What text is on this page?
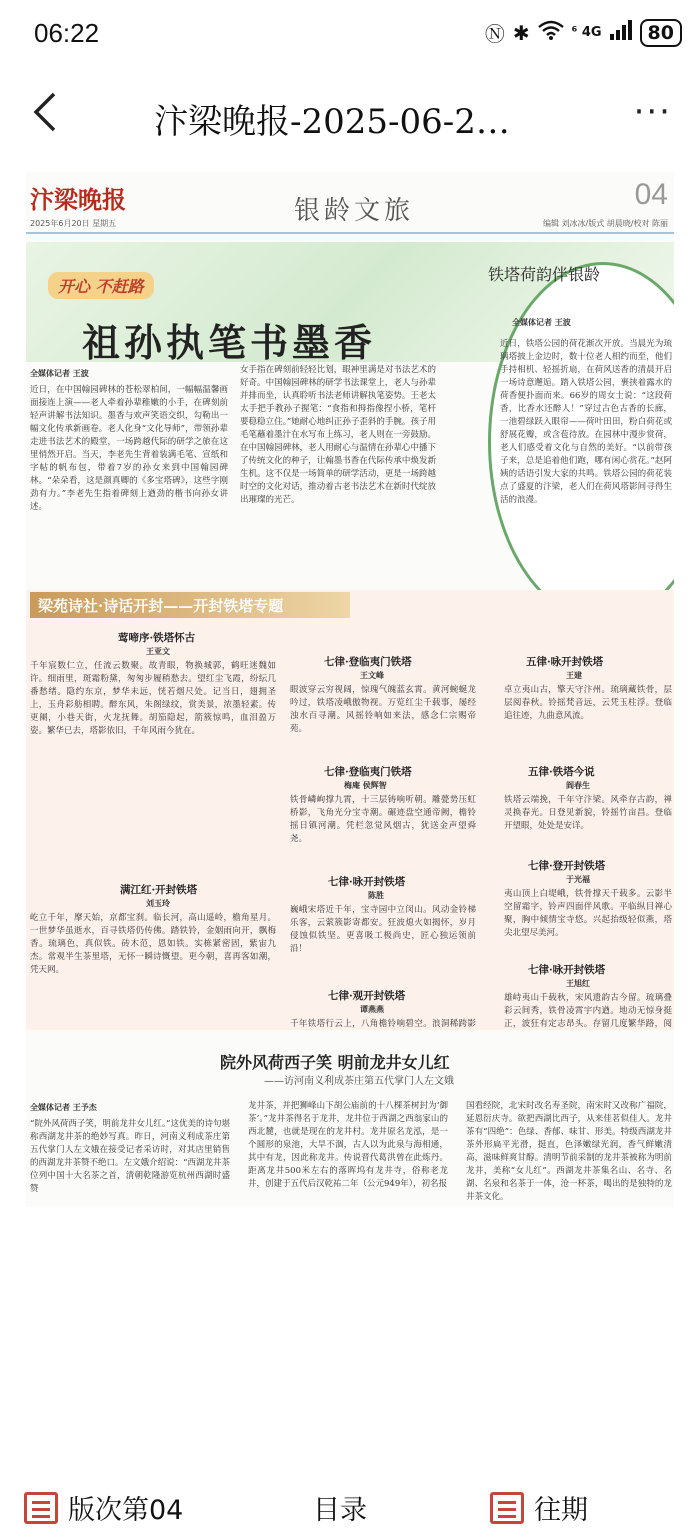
06:22	Ⓝ ✱	⁶ 4G	80
汴梁晚报-2025-06-2…	···
汴梁晚报
2025年6月20日 星期五	银龄文旅	04
编辑 刘冰冰/版式 胡晨晓/校对 陈丽
开心 不赶路
祖孙执笔书墨香
铁塔荷韵伴银龄
全媒体记者 王波
近日，铁塔公园的荷花渐次开放。当晨光为琉璃塔披上金边时，数十位老人相约而至，他们手持相机、轻摇折扇，在荷风送香的清晨开启一场诗意邂逅。踏入铁塔公园，裹挟着露水的荷香便扑面而来。66岁的周女士说：“这段荷香，比香水还醉人！”穿过古色古香的长廊，一池碧绿跃入眼帘——荷叶田田，粉白荷花或舒展花瓣，或含苞待放。在园林中漫步赏荷，老人们感受着文化与自然的美好。“以前带孩子来，总是追着他们跑，哪有闲心赏花。”赵阿姨的话语引发大家的共鸣。铁塔公园的荷花装点了盛夏的汴梁，老人们在荷风塔影间寻得生活的浪漫。
全媒体记者 王波
近日，在中国翰园碑林的苍松翠柏间，一幅幅温馨画面接连上演——老人牵着孙辈稚嫩的小手，在碑刻前轻声讲解书法知识。墨香与欢声笑语交织，勾勒出一幅文化传承新画卷。老人化身“文化导师”，带领孙辈走进书法艺术的殿堂，一场跨越代际的研学之旅在这里悄然开启。当天，李老先生背着装满毛笔、宣纸和字帖的帆布包，带着7岁的孙女来到中国翰园碑林。“朵朵看，这是颜真卿的《多宝塔碑》，这些字刚劲有力。”李老先生指着碑刻上遒劲的楷书向孙女讲述。
女手指在碑刻前轻轻比划，眼神里满是对书法艺术的好奇。中国翰园碑林的研学书法课堂上，老人与孙辈并排而坐，认真聆听书法老师讲解执笔姿势。王老太太手把手教孙子握笔：“食指和拇指像捏小桥，笔杆要稳稳立住。”她耐心地纠正孙子歪斜的手腕。孩子用毛笔蘸着墨汁在水写布上练习，老人则在一旁鼓励。在中国翰园碑林，老人用耐心与温情在孙辈心中播下了传统文化的种子，让翰墨书香在代际传承中焕发新生机。这不仅是一场简单的研学活动，更是一场跨越时空的文化对话，推动着古老书法艺术在新时代绽放出璀璨的光芒。
梁苑诗社·诗话开封——开封铁塔专题
莺啼序·铁塔怀古
王亚文
千年宸数仁立，任流云数聚。故青眼，物换城郭，鹤旺迷魏如许。细雨里，斑霜粉黛，匆匆步履稍愁去。望红尘飞霞，纷纭几番愁绪。隐约东京，梦华未远，恍若烟尺处。记当日，翅拥圣上，玉舟彩舫相聘。醉东风，朱阁绿纹，赏美景，浓墨轻素。传更阑，小巷天街，火龙抚舞。胡笳隐起，箭簇惊鸣，血泪盈万姿。繁华已去，塔影依旧，千年风雨今犹在。
满江红·开封铁塔
刘玉玲
屹立千年，摩天始，京都宝刹。临长河，高山遥岭，檐角星月。一世梦华虽逝水，百寻铁塔仍传佛。踏铁铃，金姻雨向开，飘梅香。琉璃色，真似铁。砖木范，恩如铁。实栋紧密固，紫宙九杰。常观半生茶里塔，无怀一瞬诗慨望。更今朝，喜再客如潮，凭天网。
七律·登临夷门铁塔
王文峰
眼波穿云穷视阔，惊瑰气魄蓝玄霄。黄河蜿蜒龙吟过，铁塔凌峨傲物视。万览红尘千载事，屡经浊水百寻潮。风摇铃响如来法，感念仁宗赐帝苑。
七律·登临夷门铁塔
梅庵 侯辉智
铁骨嶙峋撑九霄，十三层铸响听朝。雕甍势压虹桥影，飞角光分宝寺潮。碾迹盘空通帝阙，檐铃摇日镇河潮。凭栏忽觉风烟古，犹送金声望舜尧。
七律·咏开封铁塔
陈胜
巍峨宋塔近千年，宝寺园中立闵山。风动金铃梯乐客，云萦簇影寄都安。狂波熄火如揭怀，岁月侵蚀似铁坚。更喜吸工极尚史，匠心独运领前沿！
七律·观开封铁塔
谭燕燕
千年铁塔行云上，八角檐铃响碧空。浪洞稀跨影
五律·咏开封铁塔
王建
卓立夷山古，擎天守汴州。琉璃藏铁骨，层层阅春秋。铃摇梵音远，云凭玉柱浮。登临追往迹，九曲意风流。
五律·铁塔今说
阎春生
铁塔云端挽，千年守汴梁。风牵存古韵，禅灵换春光。日登见新貌，铃摇竹亩昌。登临开望眼，处处是安详。
七律·登开封铁塔
于光福
夷山顶上白堤峨，铁骨撑天千载多。云影半空留霜字，铃声四面伴风歌。平临纵目禅心聚，胸中倾情宝寺悠。兴起抬级轻似燕，塔尖北望尽美河。
七律·咏开封铁塔
王旭红
雄峙夷山千载秋，宋风遗韵古今留。琉璃叠彩云间秀，铁骨凌霄宇内遒。地动无惊身挺正，波狂有定志昂头。存留几度繁华路，阅
院外风荷西子笑 明前龙井女儿红
——访河南义利成茶庄第五代掌门人左文娥
全媒体记者 王予杰
“院外风荷西子笑，明前龙井女儿红。”这优美的诗句堪称西湖龙井茶的绝妙写真。昨日，河南义利成茶庄第五代掌门人左文娥在接受记者采访时，对其店里销售的西湖龙井茶赞不绝口。左文娥介绍说：“西湖龙井茶位列中国十大名茶之首，清朝乾隆游览杭州西湖时盛赞
龙井茶，并把狮峰山下胡公庙前的十八棵茶树封为‘御茶’。”龙井茶得名于龙井，龙井位于西湖之西翁家山的西北麓，也就是现在的龙井村。龙井原名龙泓，是一个圆形的泉池，大旱不涸，古人以为此泉与海相通，其中有龙，因此称龙井。传说晋代葛洪曾在此炼丹。距离龙井500米左右的落晖坞有龙井寺，俗称老龙井，创建于五代后汉乾祐二年（公元949年），初名报
国看经院，北宋时改名寿圣院，南宋时又改称广福院，延恩衍庆寺。欲把西湖比西子，从来佳茗似佳人。龙井茶有“四绝”：色绿、香郁、味甘、形美。特级西湖龙井茶外形扁平光滑，挺直，色泽嫩绿光润，香气鲜嫩清高，滋味鲜爽甘醇。清明节前采制的龙井茶被称为明前龙井，美称“女儿红”。西湖龙井茶集名山、名寺、名湖、名泉和名茶于一体，沧一杯茶，喝出的是独特的龙井茶文化。
版次第04	目录	往期
